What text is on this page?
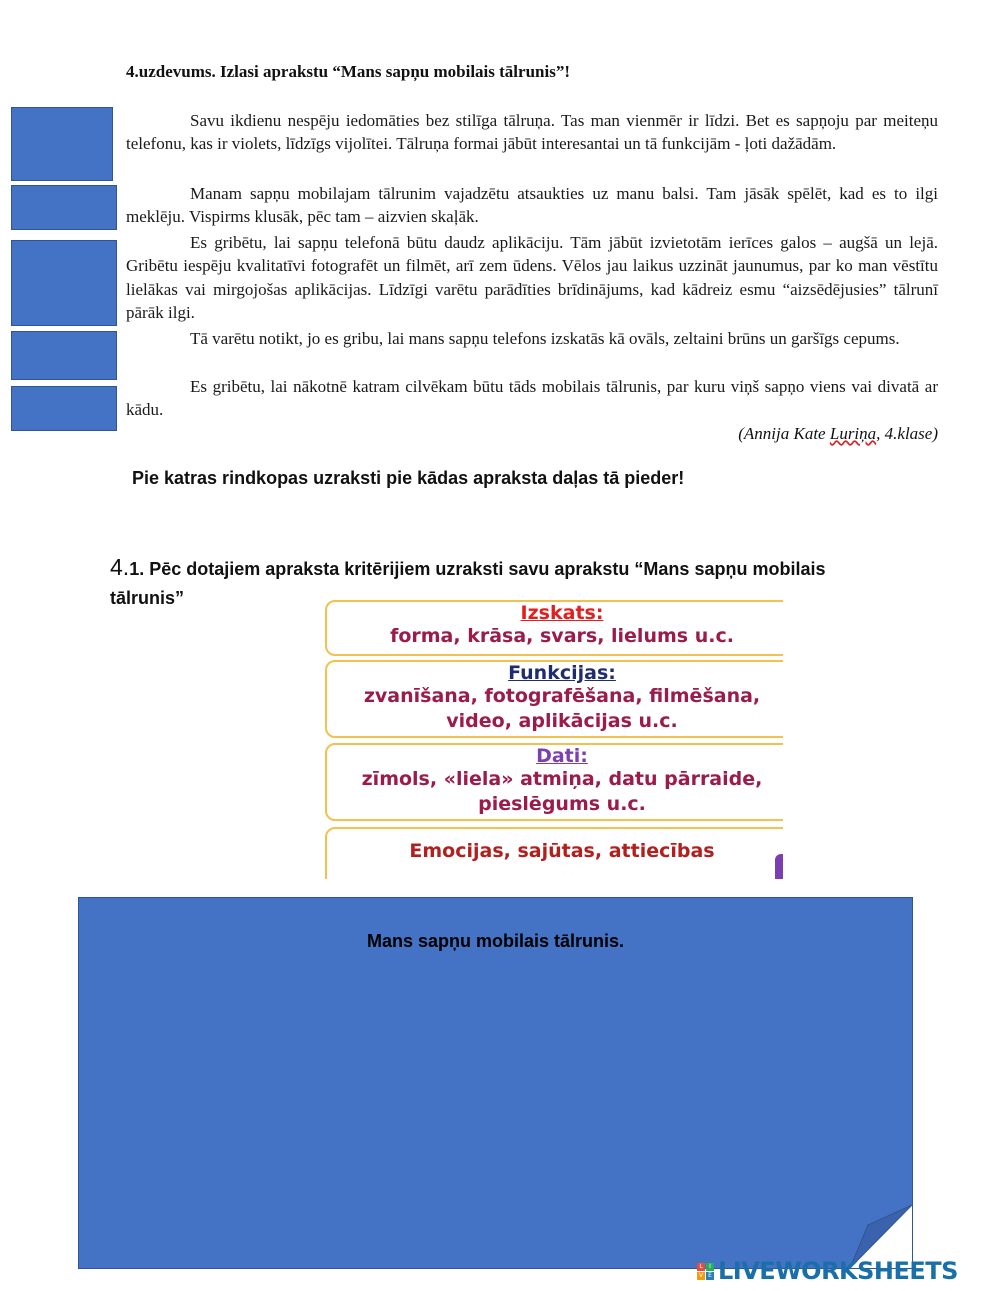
4.uzdevums. Izlasi aprakstu “Mans sapņu mobilais tālrunis”!
Savu ikdienu nespēju iedomāties bez stilīga tālruņa. Tas man vienmēr ir līdzi. Bet es sapņoju par meiteņu telefonu, kas ir violets, līdzīgs vijolītei. Tālruņa formai jābūt interesantai un tā funkcijām - ļoti dažādām.
Manam sapņu mobilajam tālrunim vajadzētu atsaukties uz manu balsi. Tam jāsāk spēlēt, kad es to ilgi meklēju. Vispirms klusāk, pēc tam – aizvien skaļāk.
Es gribētu, lai sapņu telefonā būtu daudz aplikāciju. Tām jābūt izvietotām ierīces galos – augšā un lejā. Gribētu iespēju kvalitatīvi fotografēt un filmēt, arī zem ūdens. Vēlos jau laikus uzzināt jaunumus, par ko man vēstītu lielākas vai mirgojošas aplikācijas. Līdzīgi varētu parādīties brīdinājums, kad kādreiz esmu “aizsēdējusies” tālrunī pārāk ilgi.
Tā varētu notikt, jo es gribu, lai mans sapņu telefons izskatās kā ovāls, zeltaini brūns un garšīgs cepums.
Es gribētu, lai nākotnē katram cilvēkam būtu tāds mobilais tālrunis, par kuru viņš sapņo viens vai divatā ar kādu.
(Annija Kate Luriņa, 4.klase)
Pie katras rindkopas uzraksti pie kādas apraksta daļas tā pieder!
4.1. Pēc dotajiem apraksta kritērijiem uzraksti savu aprakstu “Mans sapņu mobilais tālrunis”
Izskats:
forma, krāsa, svars, lielums u.c.
Funkcijas:
zvanīšana, fotografēšana, filmēšana, video, aplikācijas u.c.
Dati:
zīmols, «liela» atmiņa, datu pārraide, pieslēgums u.c.
Emocijas, sajūtas, attiecības
Mans sapņu mobilais tālrunis.
L	I
V E LIVEWORKSHEETS
